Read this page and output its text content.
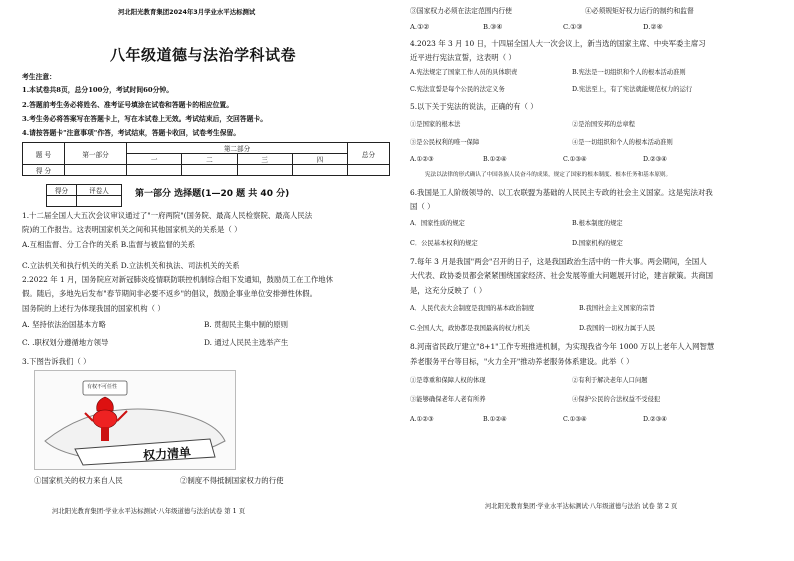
河北阳光教育集团2024年3月学业水平达标测试
八年级道德与法治学科试卷
考生注意：
1.本试卷共8页，总分100分，考试时间60分钟。
2.答题前考生务必将姓名、准考证号填涂在试卷和答题卡的相应位置。
3.考生务必将答案写在答题卡上，写在本试卷上无效。考试结束后，交回答题卡。
4.请按答题卡"注意事项"作答，考试结束，答题卡收回，试卷考生保留。
题 号	第一部分	第二部分				总分
		一	二	三	四	
得 分						
得分	评卷人
		第一部分 选择题(1—20 题 共 40 分)
1.十二届全国人大五次会议审议通过了"一府两院"(国务院、最高人民检察院、最高人民法
院)的工作报告。这表明国家机关之间和其他国家机关的关系是（ ）
A.互相监督、分工合作的关系 B.监督与被监督的关系
C.立法机关和执行机关的关系 D.立法机关和执法、司法机关的关系
2.2022 年 1 月，国务院应对新冠肺炎疫情联防联控机制综合组下发通知，鼓励员工在工作地休
假。随后，多地先后发布"春节期间非必要不返乡"的倡议，鼓励企事业单位安排弹性休假。
国务院的上述行为体现我国的国家机构（ ）
A. 坚持依法治国基本方略	B. 贯彻民主集中制的原则
C. .职权划分遵循地方领导	D. 通过人民民主选举产生
3.下图告诉我们（ ）
有权不可任性
权力清单
①国家机关的权力来自人民	②制度不得抵制国家权力的行使
河北阳光教育集团·学业水平达标测试·八年级道德与法治试卷 第 1 页
③国家权力必须在法定范围内行使	④必须规矩好权力运行的制约和监督
A.①②	B.③④	C.①③	D.②④
4.2023 年 3 月 10 日，十四届全国人大一次会议上，新当选的国家主席、中央军委主席习
近平进行宪法宣誓，这表明（ ）
A.宪法规定了国家工作人员的具体职责	B.宪法是一切组织和个人的根本活动准则
C.宪法宣誓是每个公民的法定义务	D.宪法至上，有了宪法就能规范权力的运行
5.以下关于宪法的说法，正确的有（ ）
①是国家的根本法	②是治国安邦的总章程
③是公民权利的唯一保障	④是一切组织和个人的根本活动准则
A.①②③	B.①②④	C.①③④	D.②③④
宪法以法律的形式确认了中国各族人民奋斗的成果，规定了国家的根本制度、根本任务和基本原则。
6.我国是工人阶级领导的、以工农联盟为基础的人民民主专政的社会主义国家。这是宪法对我
国（ ）
A．国家性质的规定	B.根本制度的规定
C．公民基本权利的规定	D.国家机构的规定
7.每年 3 月是我国"两会"召开的日子，这是我国政治生活中的一件大事。两会期间，全国人
大代表、政协委员都会紧紧围绕国家经济、社会发展等重大问题展开讨论，建言献策。共商国
是，这充分反映了（ ）
A．人民代表大会制度是我国的基本政治制度	B.我国社会主义国家的宗旨
C.全国人大，政协都是我国最高的权力机关	D.我国的一切权力属于人民
8.河南省民政厅建立"8+1"工作专班推进机制，为实现我省今年 1000 万以上老年人入网智慧
养老服务平台等目标，"火力全开"推动养老服务体系建设。此举（ ）
①是尊重和保障人权的体现	②有利于解决老年人口问题
③能够确保老年人老有所养	④保护公民的合法权益不受侵犯
A.①②③	B.①②④	C.①③④	D.②③④
河北阳光教育集团·学业水平达标测试·八年级道德与法治 试卷 第 2 页
